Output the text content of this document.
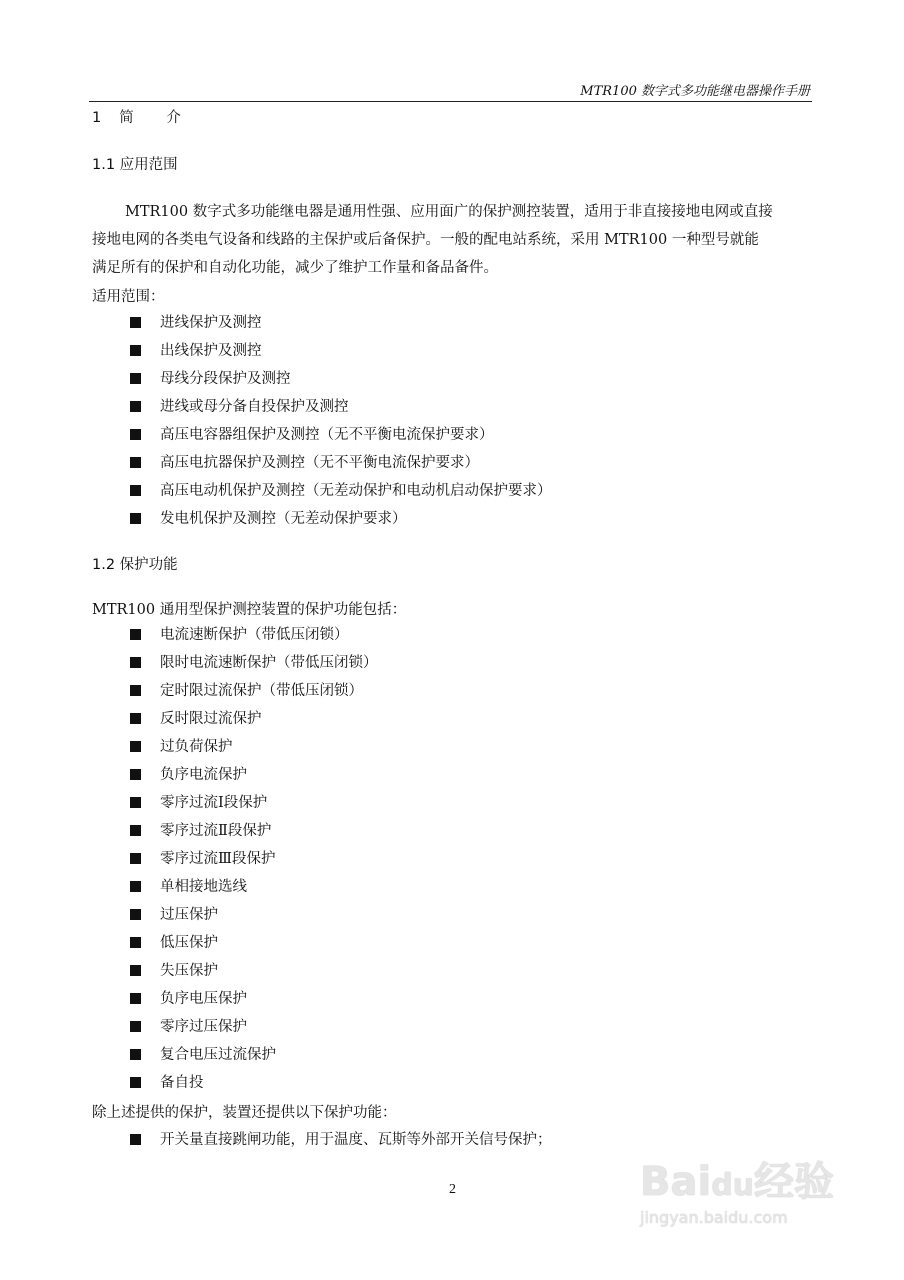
MTR100 数字式多功能继电器操作手册
1 简 介
1.1 应用范围
MTR100 数字式多功能继电器是通用性强、应用面广的保护测控装置，适用于非直接接地电网或直接
接地电网的各类电气设备和线路的主保护或后备保护。一般的配电站系统，采用 MTR100 一种型号就能
满足所有的保护和自动化功能，减少了维护工作量和备品备件。
适用范围：
进线保护及测控
出线保护及测控
母线分段保护及测控
进线或母分备自投保护及测控
高压电容器组保护及测控（无不平衡电流保护要求）
高压电抗器保护及测控（无不平衡电流保护要求）
高压电动机保护及测控（无差动保护和电动机启动保护要求）
发电机保护及测控（无差动保护要求）
1.2 保护功能
MTR100 通用型保护测控装置的保护功能包括：
电流速断保护（带低压闭锁）
限时电流速断保护（带低压闭锁）
定时限过流保护（带低压闭锁）
反时限过流保护
过负荷保护
负序电流保护
零序过流Ⅰ段保护
零序过流Ⅱ段保护
零序过流Ⅲ段保护
单相接地选线
过压保护
低压保护
失压保护
负序电压保护
零序过压保护
复合电压过流保护
备自投
除上述提供的保护，装置还提供以下保护功能：
开关量直接跳闸功能，用于温度、瓦斯等外部开关信号保护；
2	Baidu经验
jingyan.baidu.com
